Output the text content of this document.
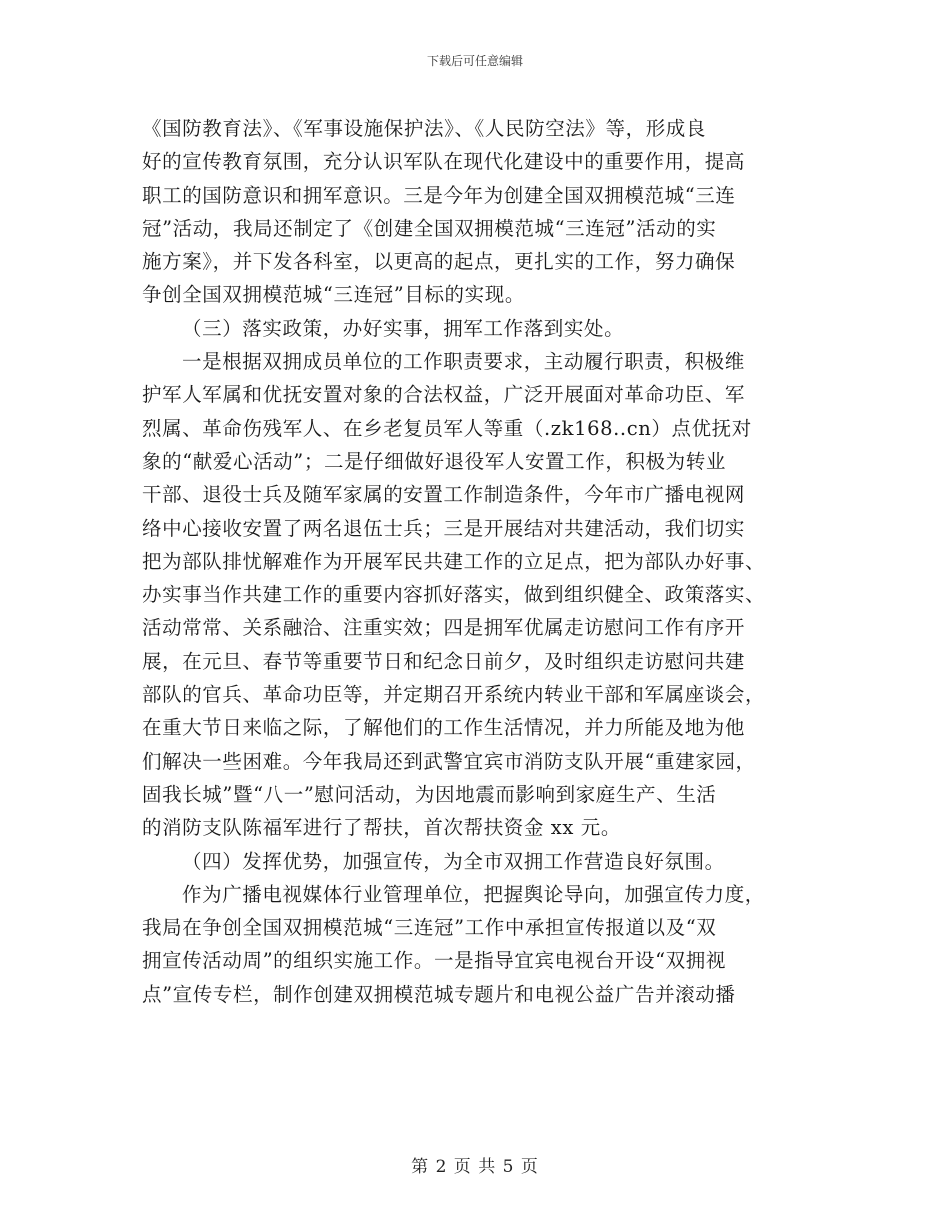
下载后可任意编辑
《国防教育法》、《军事设施保护法》、《人民防空法》等，形成良
好的宣传教育氛围，充分认识军队在现代化建设中的重要作用，提高
职工的国防意识和拥军意识。三是今年为创建全国双拥模范城“三连
冠”活动，我局还制定了《创建全国双拥模范城“三连冠”活动的实
施方案》，并下发各科室，以更高的起点，更扎实的工作，努力确保
争创全国双拥模范城“三连冠”目标的实现。
（三）落实政策，办好实事，拥军工作落到实处。
一是根据双拥成员单位的工作职责要求，主动履行职责，积极维
护军人军属和优抚安置对象的合法权益，广泛开展面对革命功臣、军
烈属、革命伤残军人、在乡老复员军人等重（.zk168..cn）点优抚对
象的“献爱心活动”；二是仔细做好退役军人安置工作，积极为转业
干部、退役士兵及随军家属的安置工作制造条件，今年市广播电视网
络中心接收安置了两名退伍士兵；三是开展结对共建活动，我们切实
把为部队排忧解难作为开展军民共建工作的立足点，把为部队办好事、
办实事当作共建工作的重要内容抓好落实，做到组织健全、政策落实、
活动常常、关系融洽、注重实效；四是拥军优属走访慰问工作有序开
展，在元旦、春节等重要节日和纪念日前夕，及时组织走访慰问共建
部队的官兵、革命功臣等，并定期召开系统内转业干部和军属座谈会，
在重大节日来临之际，了解他们的工作生活情况，并力所能及地为他
们解决一些困难。今年我局还到武警宜宾市消防支队开展“重建家园，
固我长城”暨“八一”慰问活动，为因地震而影响到家庭生产、生活
的消防支队陈福军进行了帮扶，首次帮扶资金 xx 元。
（四）发挥优势，加强宣传，为全市双拥工作营造良好氛围。
作为广播电视媒体行业管理单位，把握舆论导向，加强宣传力度，
我局在争创全国双拥模范城“三连冠”工作中承担宣传报道以及“双
拥宣传活动周”的组织实施工作。一是指导宜宾电视台开设“双拥视
点”宣传专栏，制作创建双拥模范城专题片和电视公益广告并滚动播
第 2 页 共 5 页
